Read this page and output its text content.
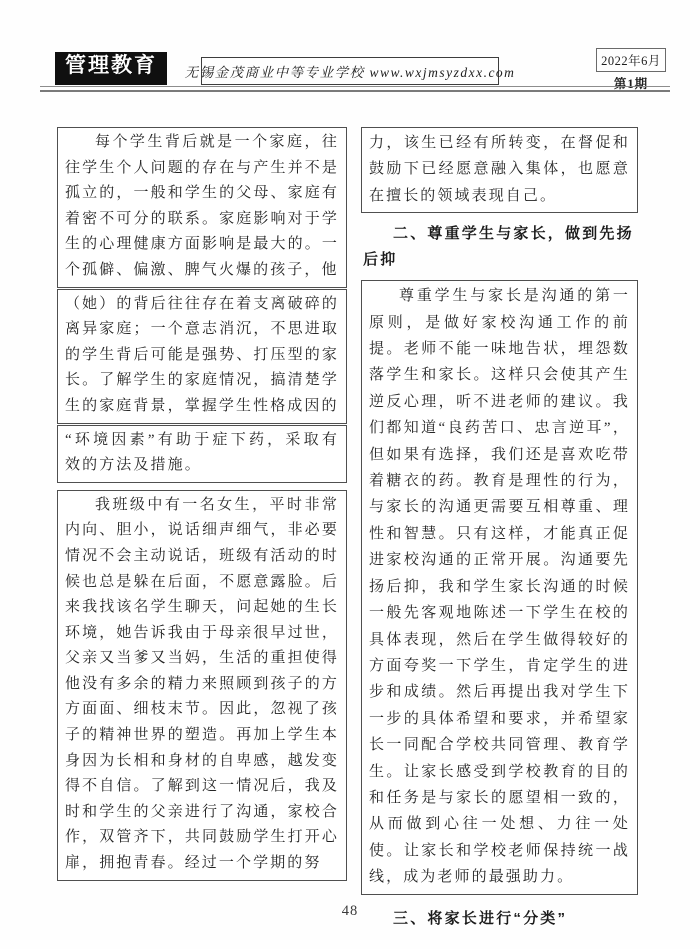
管理教育 无锡金茂商业中等专业学校 www.wxjmsyzdxx.com
2022年6月
第1期
每个学生背后就是一个家庭，往往学生个人问题的存在与产生并不是孤立的，一般和学生的父母、家庭有着密不可分的联系。家庭影响对于学生的心理健康方面影响是最大的。一个孤僻、偏激、脾气火爆的孩子，他
（她）的背后往往存在着支离破碎的离异家庭；一个意志消沉，不思进取的学生背后可能是强势、打压型的家长。了解学生的家庭情况，搞清楚学生的家庭背景，掌握学生性格成因的
“环境因素”有助于症下药，采取有效的方法及措施。
我班级中有一名女生，平时非常内向、胆小，说话细声细气，非必要情况不会主动说话，班级有活动的时候也总是躲在后面，不愿意露脸。后来我找该名学生聊天，问起她的生长环境，她告诉我由于母亲很早过世，父亲又当爹又当妈，生活的重担使得他没有多余的精力来照顾到孩子的方方面面、细枝末节。因此，忽视了孩子的精神世界的塑造。再加上学生本身因为长相和身材的自卑感，越发变得不自信。了解到这一情况后，我及时和学生的父亲进行了沟通，家校合作，双管齐下，共同鼓励学生打开心扉，拥抱青春。经过一个学期的努
力，该生已经有所转变，在督促和鼓励下已经愿意融入集体，也愿意在擅长的领域表现自己。
二、尊重学生与家长，做到先扬后抑
尊重学生与家长是沟通的第一原则，是做好家校沟通工作的前提。老师不能一味地告状，埋怨数落学生和家长。这样只会使其产生逆反心理，听不进老师的建议。我们都知道“良药苦口、忠言逆耳”，但如果有选择，我们还是喜欢吃带着糖衣的药。教育是理性的行为，与家长的沟通更需要互相尊重、理性和智慧。只有这样，才能真正促进家校沟通的正常开展。沟通要先扬后抑，我和学生家长沟通的时候一般先客观地陈述一下学生在校的具体表现，然后在学生做得较好的方面夸奖一下学生，肯定学生的进步和成绩。然后再提出我对学生下一步的具体希望和要求，并希望家长一同配合学校共同管理、教育学生。让家长感受到学校教育的目的和任务是与家长的愿望相一致的，从而做到心往一处想、力往一处使。让家长和学校老师保持统一战线，成为老师的最强助力。
三、将家长进行“分类”
48
